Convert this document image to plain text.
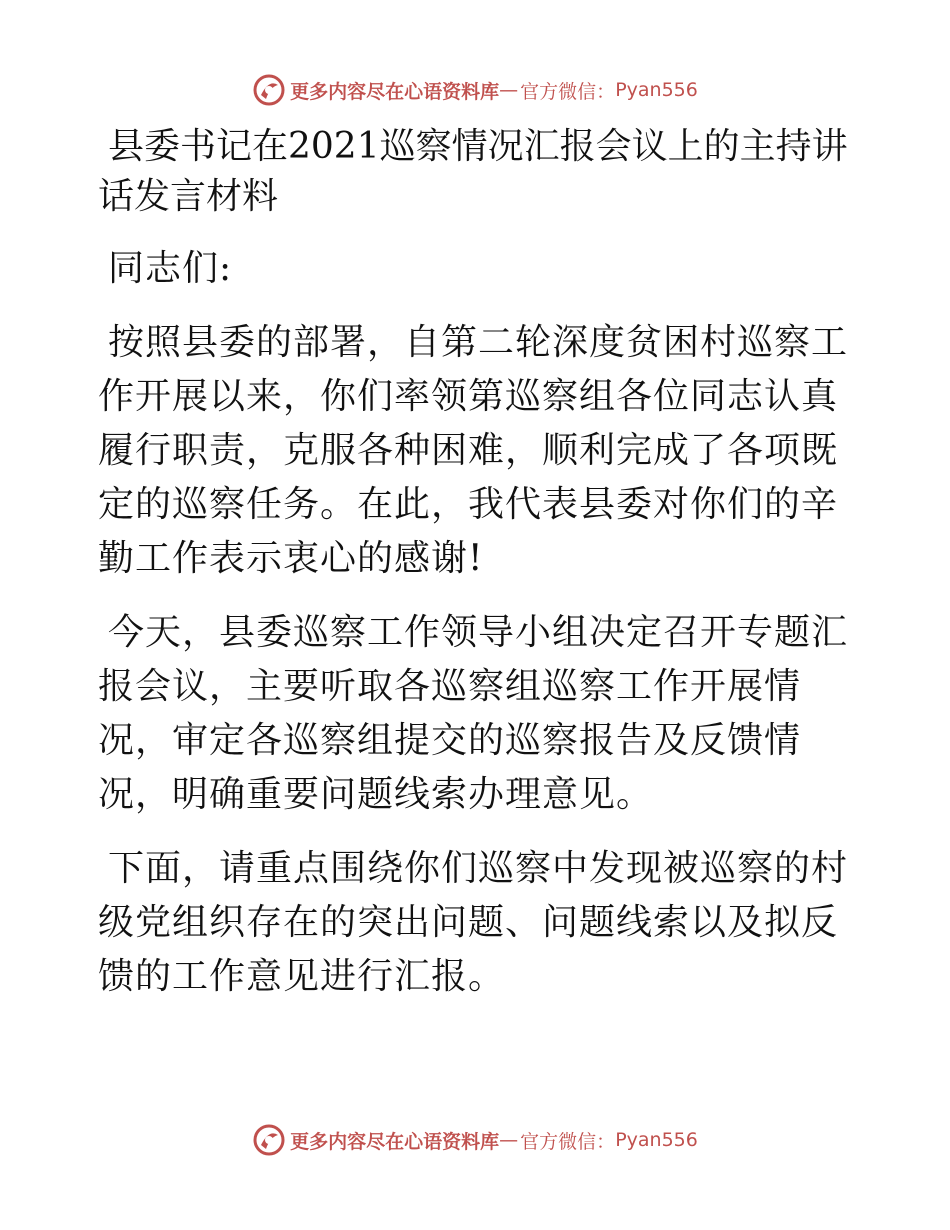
更多内容尽在心语资料库 — 官方微信： Pyan556

县委书记在2021巡察情况汇报会议上的主持讲话发言材料

同志们:

按照县委的部署，自第二轮深度贫困村巡察工作开展以来，你们率领第巡察组各位同志认真履行职责，克服各种困难，顺利完成了各项既定的巡察任务。在此，我代表县委对你们的辛勤工作表示衷心的感谢!

今天，县委巡察工作领导小组决定召开专题汇报会议，主要听取各巡察组巡察工作开展情况，审定各巡察组提交的巡察报告及反馈情况，明确重要问题线索办理意见。

下面，请重点围绕你们巡察中发现被巡察的村级党组织存在的突出问题、问题线索以及拟反馈的工作意见进行汇报。

更多内容尽在心语资料库 — 官方微信： Pyan556
